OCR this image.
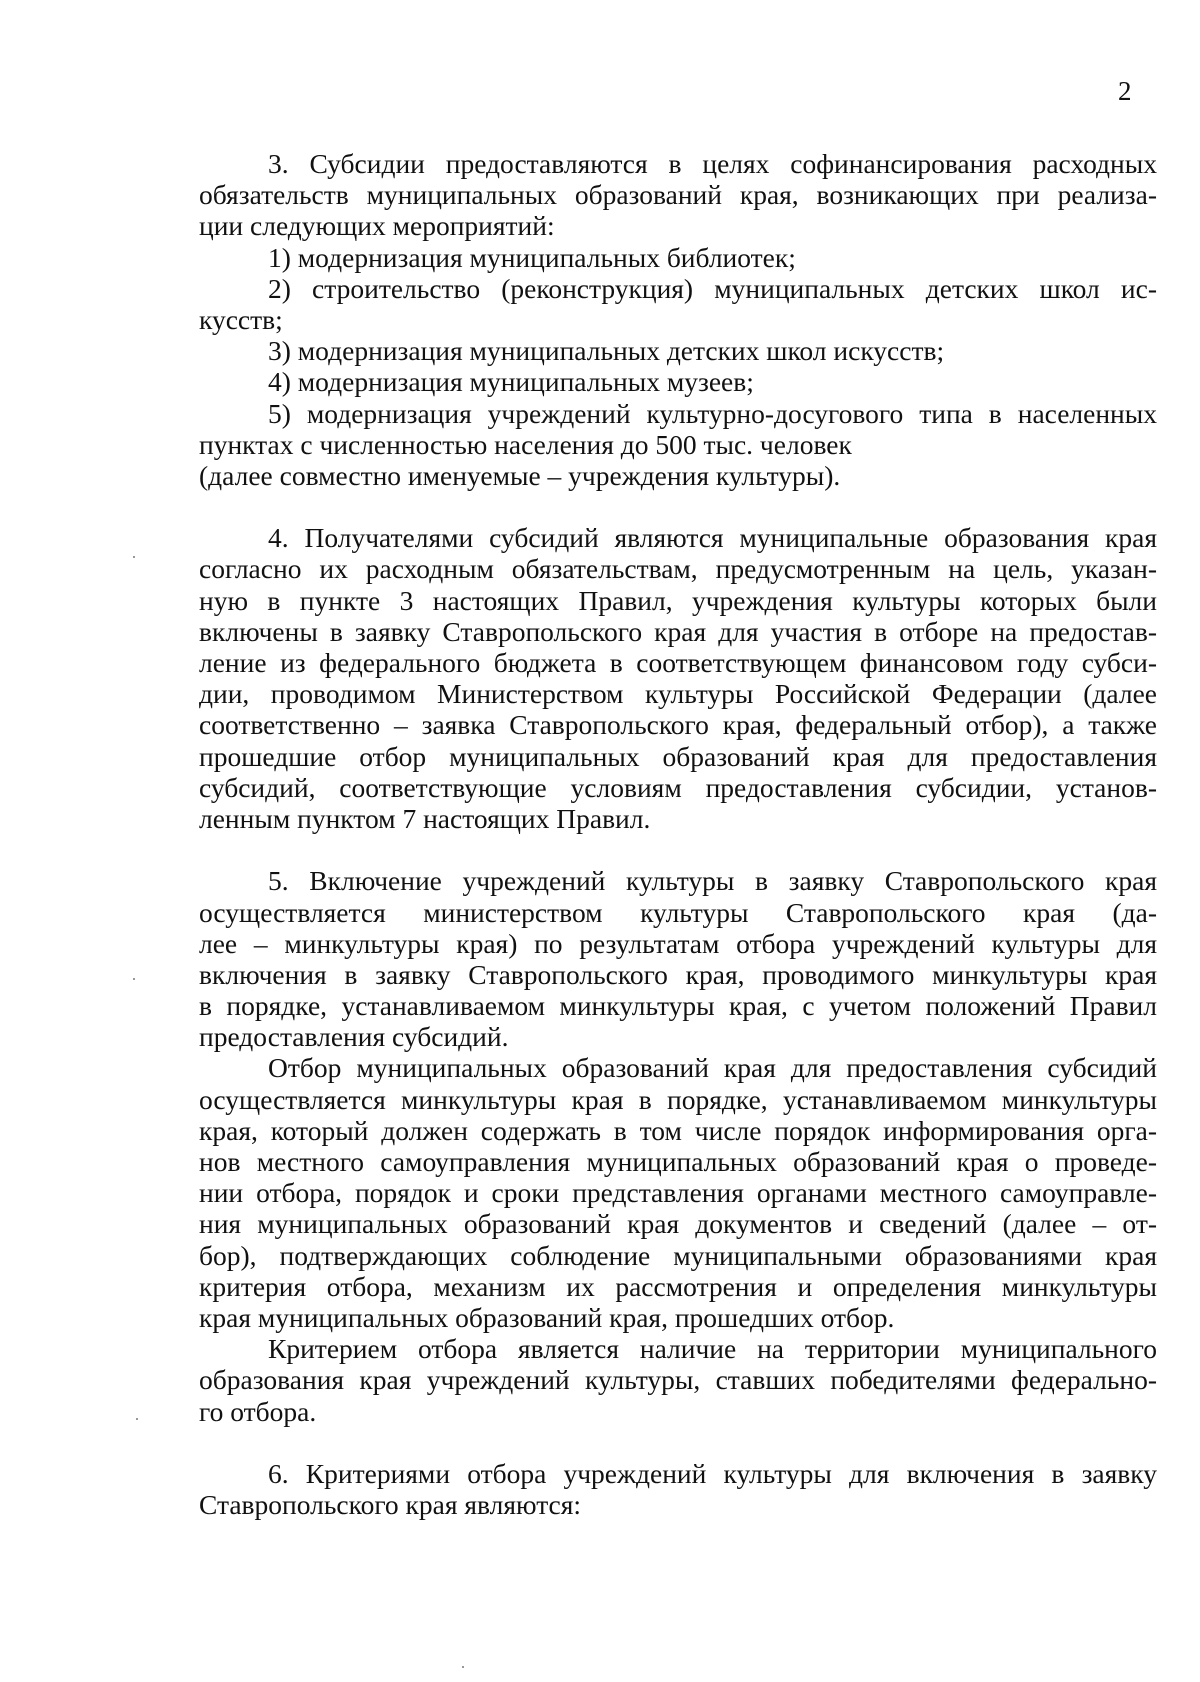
2
3. Субсидии предоставляются в целях софинансирования расходных
обязательств муниципальных образований края, возникающих при реализа-
ции следующих мероприятий:
1) модернизация муниципальных библиотек;
2) строительство (реконструкция) муниципальных детских школ ис-
кусств;
3) модернизация муниципальных детских школ искусств;
4) модернизация муниципальных музеев;
5) модернизация учреждений культурно-досугового типа в населенных
пунктах с численностью населения до 500 тыс. человек
(далее совместно именуемые – учреждения культуры).
4. Получателями субсидий являются муниципальные образования края
согласно их расходным обязательствам, предусмотренным на цель, указан-
ную в пункте 3 настоящих Правил, учреждения культуры которых были
включены в заявку Ставропольского края для участия в отборе на предостав-
ление из федерального бюджета в соответствующем финансовом году субси-
дии, проводимом Министерством культуры Российской Федерации (далее
соответственно – заявка Ставропольского края, федеральный отбор), а также
прошедшие отбор муниципальных образований края для предоставления
субсидий, соответствующие условиям предоставления субсидии, установ-
ленным пунктом 7 настоящих Правил.
5. Включение учреждений культуры в заявку Ставропольского края
осуществляется министерством культуры Ставропольского края (да-
лее – минкультуры края) по результатам отбора учреждений культуры для
включения в заявку Ставропольского края, проводимого минкультуры края
в порядке, устанавливаемом минкультуры края, с учетом положений Правил
предоставления субсидий.
Отбор муниципальных образований края для предоставления субсидий
осуществляется минкультуры края в порядке, устанавливаемом минкультуры
края, который должен содержать в том числе порядок информирования орга-
нов местного самоуправления муниципальных образований края о проведе-
нии отбора, порядок и сроки представления органами местного самоуправле-
ния муниципальных образований края документов и сведений (далее – от-
бор), подтверждающих соблюдение муниципальными образованиями края
критерия отбора, механизм их рассмотрения и определения минкультуры
края муниципальных образований края, прошедших отбор.
Критерием отбора является наличие на территории муниципального
образования края учреждений культуры, ставших победителями федерально-
го отбора.
6. Критериями отбора учреждений культуры для включения в заявку
Ставропольского края являются:
